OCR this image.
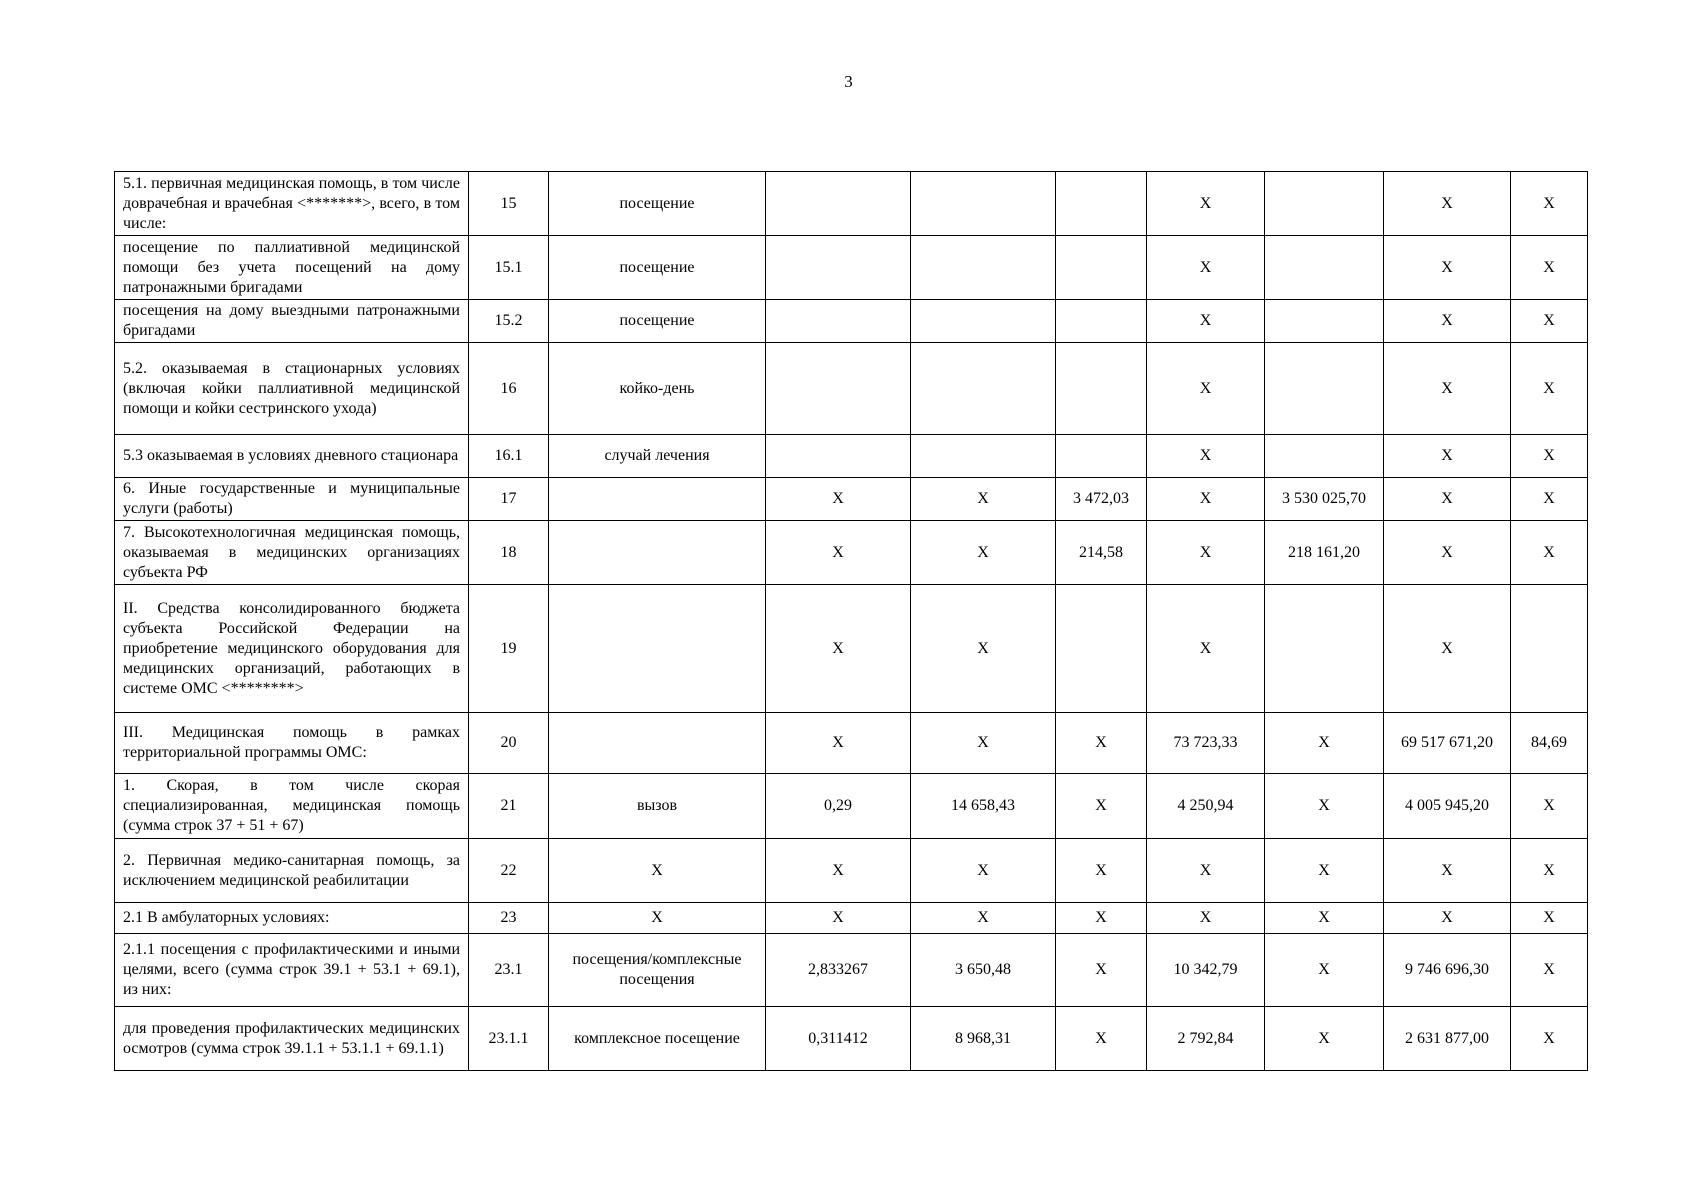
3
5.1. первичная медицинская помощь, в том числе доврачебная и врачебная <*******>, всего, в том числе:	15	посещение				X		X	X
посещение по паллиативной медицинской помощи без учета посещений на дому патронажными бригадами	15.1	посещение				X		X	X
посещения на дому выездными патронажными бригадами	15.2	посещение				X		X	X
5.2. оказываемая в стационарных условиях (включая койки паллиативной медицинской помощи и койки сестринского ухода)	16	койко-день				X		X	X
5.3 оказываемая в условиях дневного стационара	16.1	случай лечения				X		X	X
6. Иные государственные и муниципальные услуги (работы)	17		X	X	3 472,03	X	3 530 025,70	X	X
7. Высокотехнологичная медицинская помощь, оказываемая в медицинских организациях субъекта РФ	18		X	X	214,58	X	218 161,20	X	X
II. Средства консолидированного бюджета субъекта Российской Федерации на приобретение медицинского оборудования для медицинских организаций, работающих в системе ОМС <********>	19		X	X		X		X	
III. Медицинская помощь в рамках территориальной программы ОМС:	20		X	X	X	73 723,33	X	69 517 671,20	84,69
1. Скорая, в том числе скорая специализированная, медицинская помощь (сумма строк 37 + 51 + 67)	21	вызов	0,29	14 658,43	X	4 250,94	X	4 005 945,20	X
2. Первичная медико-санитарная помощь, за исключением медицинской реабилитации	22	X	X	X	X	X	X	X	X
2.1 В амбулаторных условиях:	23	X	X	X	X	X	X	X	X
2.1.1 посещения с профилактическими и иными целями, всего (сумма строк 39.1 + 53.1 + 69.1), из них:	23.1	посещения/комплексные посещения	2,833267	3 650,48	X	10 342,79	X	9 746 696,30	X
для проведения профилактических медицинских осмотров (сумма строк 39.1.1 + 53.1.1 + 69.1.1)	23.1.1	комплексное посещение	0,311412	8 968,31	X	2 792,84	X	2 631 877,00	X
